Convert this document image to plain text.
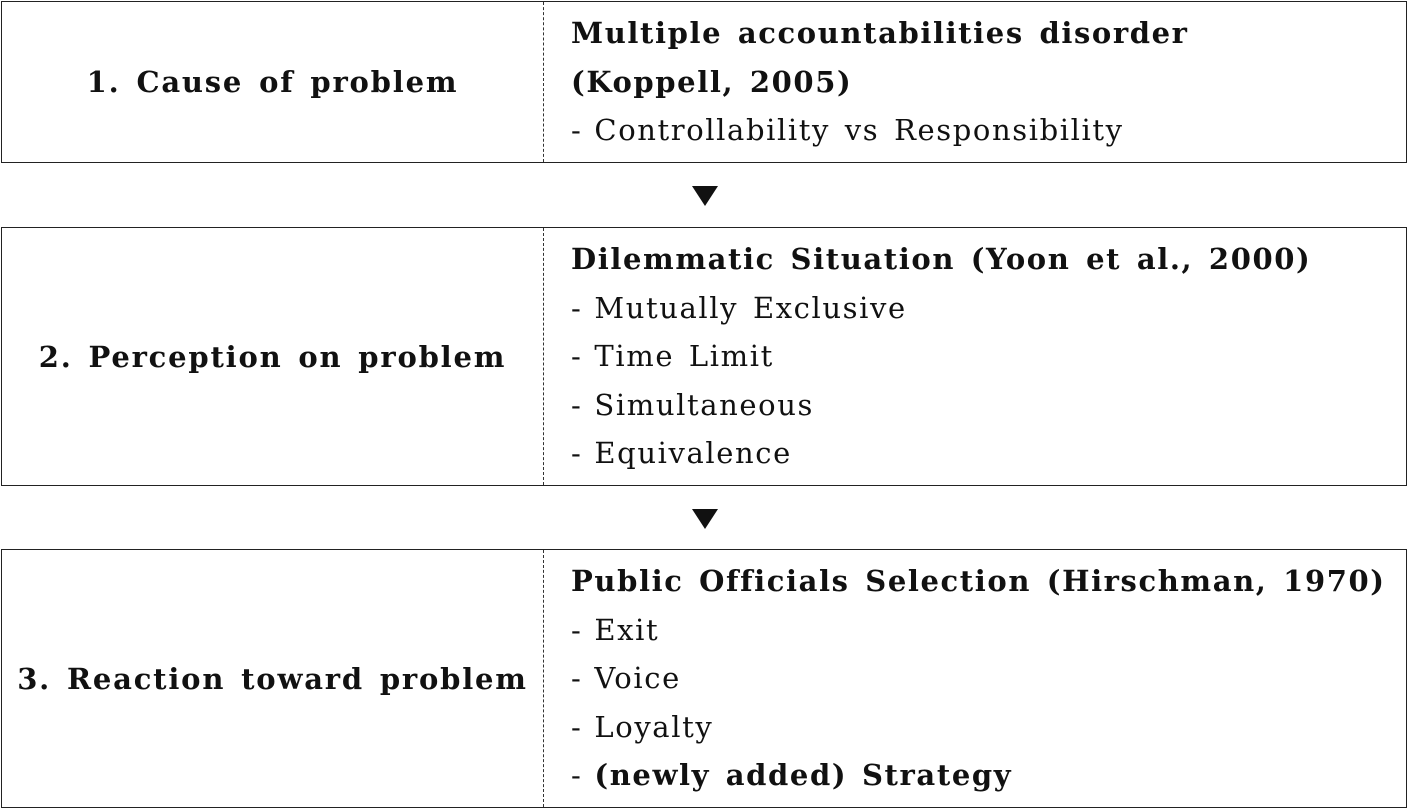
1. Cause of problem
Multiple accountabilities disorder
(Koppell, 2005)
- Controllability vs Responsibility
2. Perception on problem
Dilemmatic Situation (Yoon et al., 2000)
- Mutually Exclusive
- Time Limit
- Simultaneous
- Equivalence
3. Reaction toward problem
Public Officials Selection (Hirschman, 1970)
- Exit
- Voice
- Loyalty
- (newly added) Strategy
